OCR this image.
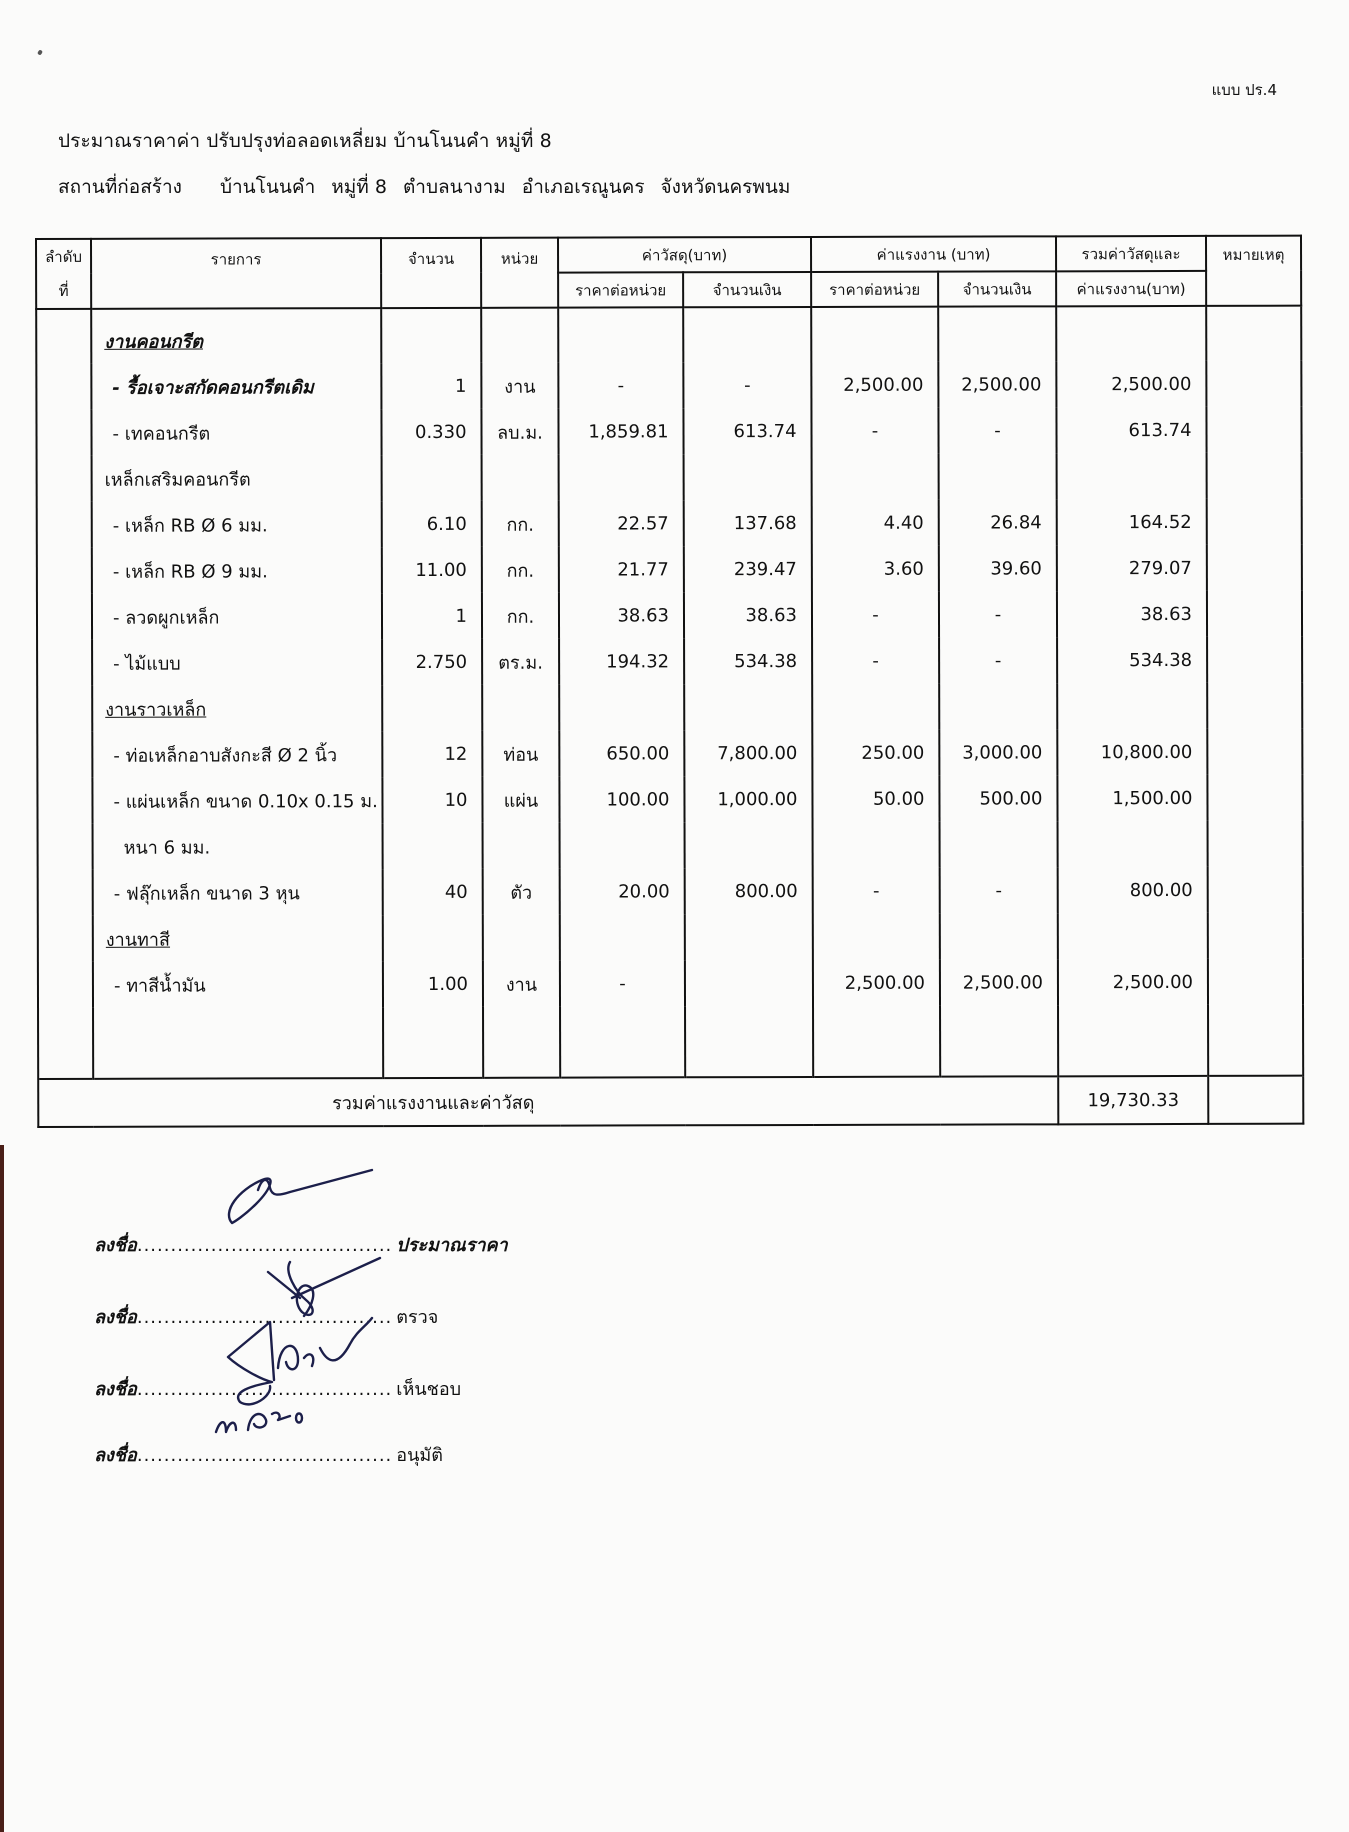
แบบ ปร.4
ประมาณราคาค่า ปรับปรุงท่อลอดเหลี่ยม บ้านโนนคำ หมู่ที่ 8
สถานที่ก่อสร้าง บ้านโนนคำ หมู่ที่ 8 ตำบลนางาม อำเภอเรณูนคร จังหวัดนครพนม
ลำดับ
ที่	รายการ	จำนวน	หน่วย	ค่าวัสดุ(บาท)		ค่าแรงงาน (บาท)		รวมค่าวัสดุและ	หมายเหตุ
				ราคาต่อหน่วย	จำนวนเงิน	ราคาต่อหน่วย	จำนวนเงิน	ค่าแรงงาน(บาท)	
	งานคอนกรีต								
	- รื้อเจาะสกัดคอนกรีตเดิม	1	งาน	-	-	2,500.00	2,500.00	2,500.00	
	- เทคอนกรีต	0.330	ลบ.ม.	1,859.81	613.74	-	-	613.74	
	เหล็กเสริมคอนกรีต								
	- เหล็ก RB Ø 6 มม.	6.10	กก.	22.57	137.68	4.40	26.84	164.52	
	- เหล็ก RB Ø 9 มม.	11.00	กก.	21.77	239.47	3.60	39.60	279.07	
	- ลวดผูกเหล็ก	1	กก.	38.63	38.63	-	-	38.63	
	- ไม้แบบ	2.750	ตร.ม.	194.32	534.38	-	-	534.38	
	งานราวเหล็ก								
	- ท่อเหล็กอาบสังกะสี Ø 2 นิ้ว	12	ท่อน	650.00	7,800.00	250.00	3,000.00	10,800.00	
	- แผ่นเหล็ก ขนาด 0.10x 0.15 ม.	10	แผ่น	100.00	1,000.00	50.00	500.00	1,500.00	
	หนา 6 มม.								
	- ฟลุ๊กเหล็ก ขนาด 3 หุน	40	ตัว	20.00	800.00	-	-	800.00	
	งานทาสี								
	- ทาสีน้ำมัน	1.00	งาน	-		2,500.00	2,500.00	2,500.00	

รวมค่าแรงงานและค่าวัสดุ								19,730.33	
ลงชื่อ...................................... ประมาณราคา
ลงชื่อ...................................... ตรวจ
ลงชื่อ...................................... เห็นชอบ
ลงชื่อ...................................... อนุมัติ
